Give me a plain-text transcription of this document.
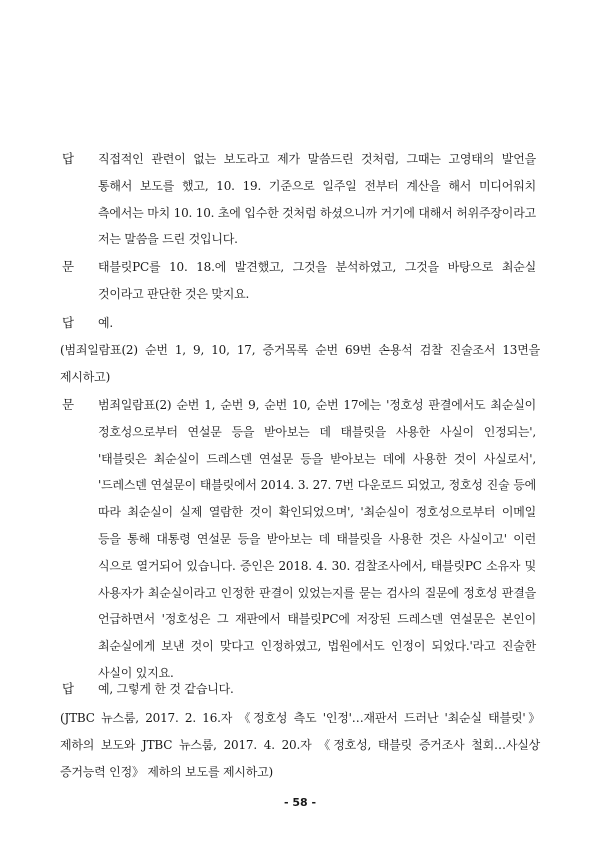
답 직접적인 관련이 없는 보도라고 제가 말씀드린 것처럼, 그때는 고영태의 발언을 통해서 보도를 했고, 10. 19. 기준으로 일주일 전부터 계산을 해서 미디어워치 측에서는 마치 10. 10. 초에 입수한 것처럼 하셨으니까 거기에 대해서 허위주장이라고 저는 말씀을 드린 것입니다.
문 태블릿PC를 10. 18.에 발견했고, 그것을 분석하였고, 그것을 바탕으로 최순실 것이라고 판단한 것은 맞지요.
답 예.
(범죄일람표(2) 순번 1, 9, 10, 17, 증거목록 순번 69번 손용석 검찰 진술조서 13면을 제시하고)
문 범죄일람표(2) 순번 1, 순번 9, 순번 10, 순번 17에는 '정호성 판결에서도 최순실이 정호성으로부터 연설문 등을 받아보는 데 태블릿을 사용한 사실이 인정되는', '태블릿은 최순실이 드레스덴 연설문 등을 받아보는 데에 사용한 것이 사실로서', '드레스덴 연설문이 태블릿에서 2014. 3. 27. 7번 다운로드 되었고, 정호성 진술 등에 따라 최순실이 실제 열람한 것이 확인되었으며', '최순실이 정호성으로부터 이메일 등을 통해 대통령 연설문 등을 받아보는 데 태블릿을 사용한 것은 사실이고' 이런 식으로 열거되어 있습니다. 증인은 2018. 4. 30. 검찰조사에서, 태블릿PC 소유자 및 사용자가 최순실이라고 인정한 판결이 있었는지를 묻는 검사의 질문에 정호성 판결을 언급하면서 '정호성은 그 재판에서 태블릿PC에 저장된 드레스덴 연설문은 본인이 최순실에게 보낸 것이 맞다고 인정하였고, 법원에서도 인정이 되었다.'라고 진술한 사실이 있지요.
답 예, 그렇게 한 것 같습니다.
(JTBC 뉴스룸, 2017. 2. 16.자 《정호성 측도 '인정'…재판서 드러난 '최순실 태블릿'》 제하의 보도와 JTBC 뉴스룸, 2017. 4. 20.자 《정호성, 태블릿 증거조사 철회…사실상 증거능력 인정》 제하의 보도를 제시하고)
- 58 -
